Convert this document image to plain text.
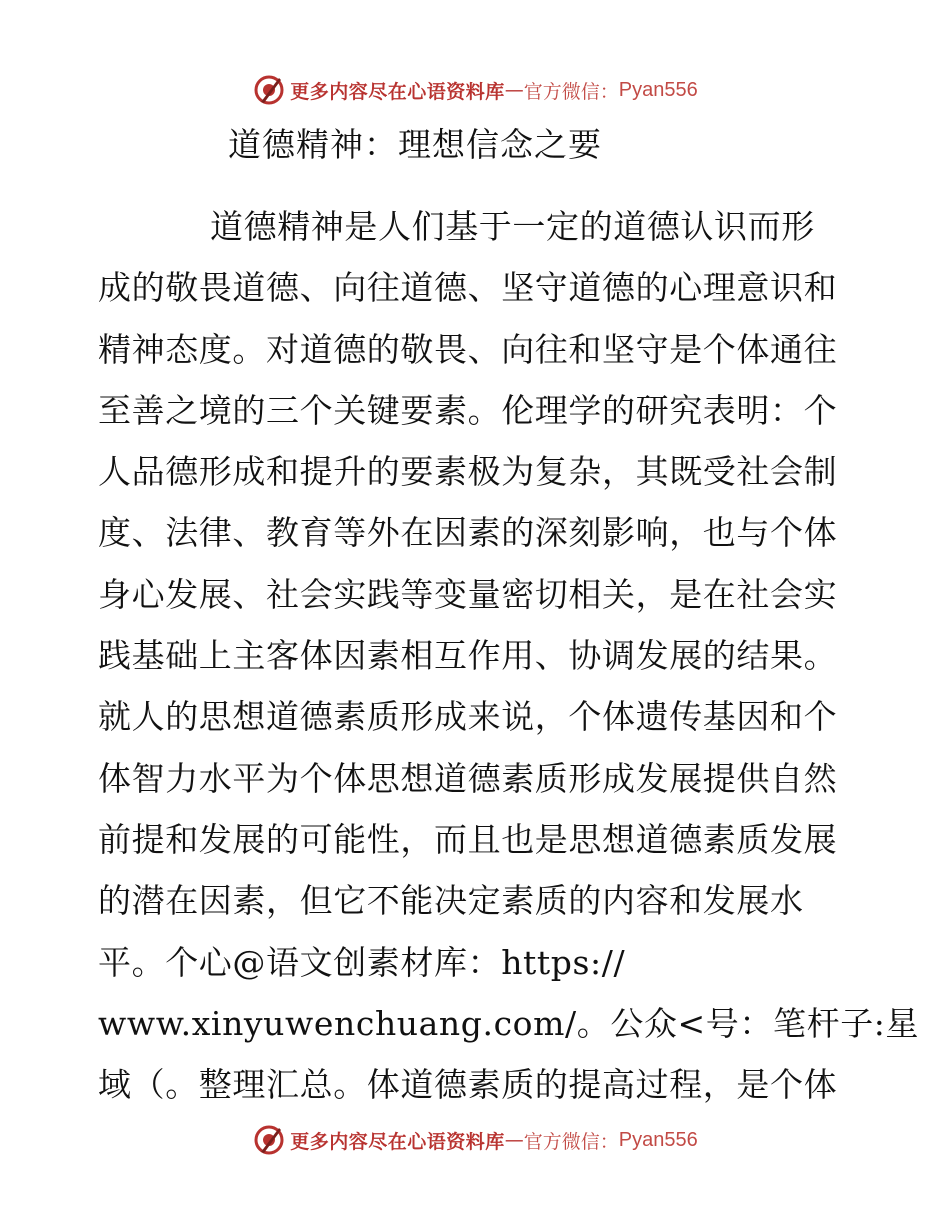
更多内容尽在心语资料库 — 官方微信： Pyan556
道德精神：理想信念之要
道德精神是人们基于一定的道德认识而形
成的敬畏道德、向往道德、坚守道德的心理意识和
精神态度。对道德的敬畏、向往和坚守是个体通往
至善之境的三个关键要素。伦理学的研究表明：个
人品德形成和提升的要素极为复杂，其既受社会制
度、法律、教育等外在因素的深刻影响，也与个体
身心发展、社会实践等变量密切相关，是在社会实
践基础上主客体因素相互作用、协调发展的结果。
就人的思想道德素质形成来说，个体遗传基因和个
体智力水平为个体思想道德素质形成发展提供自然
前提和发展的可能性，而且也是思想道德素质发展
的潜在因素，但它不能决定素质的内容和发展水
平。个心@语文创素材库：https://
www.xinyuwenchuang.com/。公众<号：笔杆子:星
域（。整理汇总。体道德素质的提高过程，是个体
更多内容尽在心语资料库 — 官方微信： Pyan556
